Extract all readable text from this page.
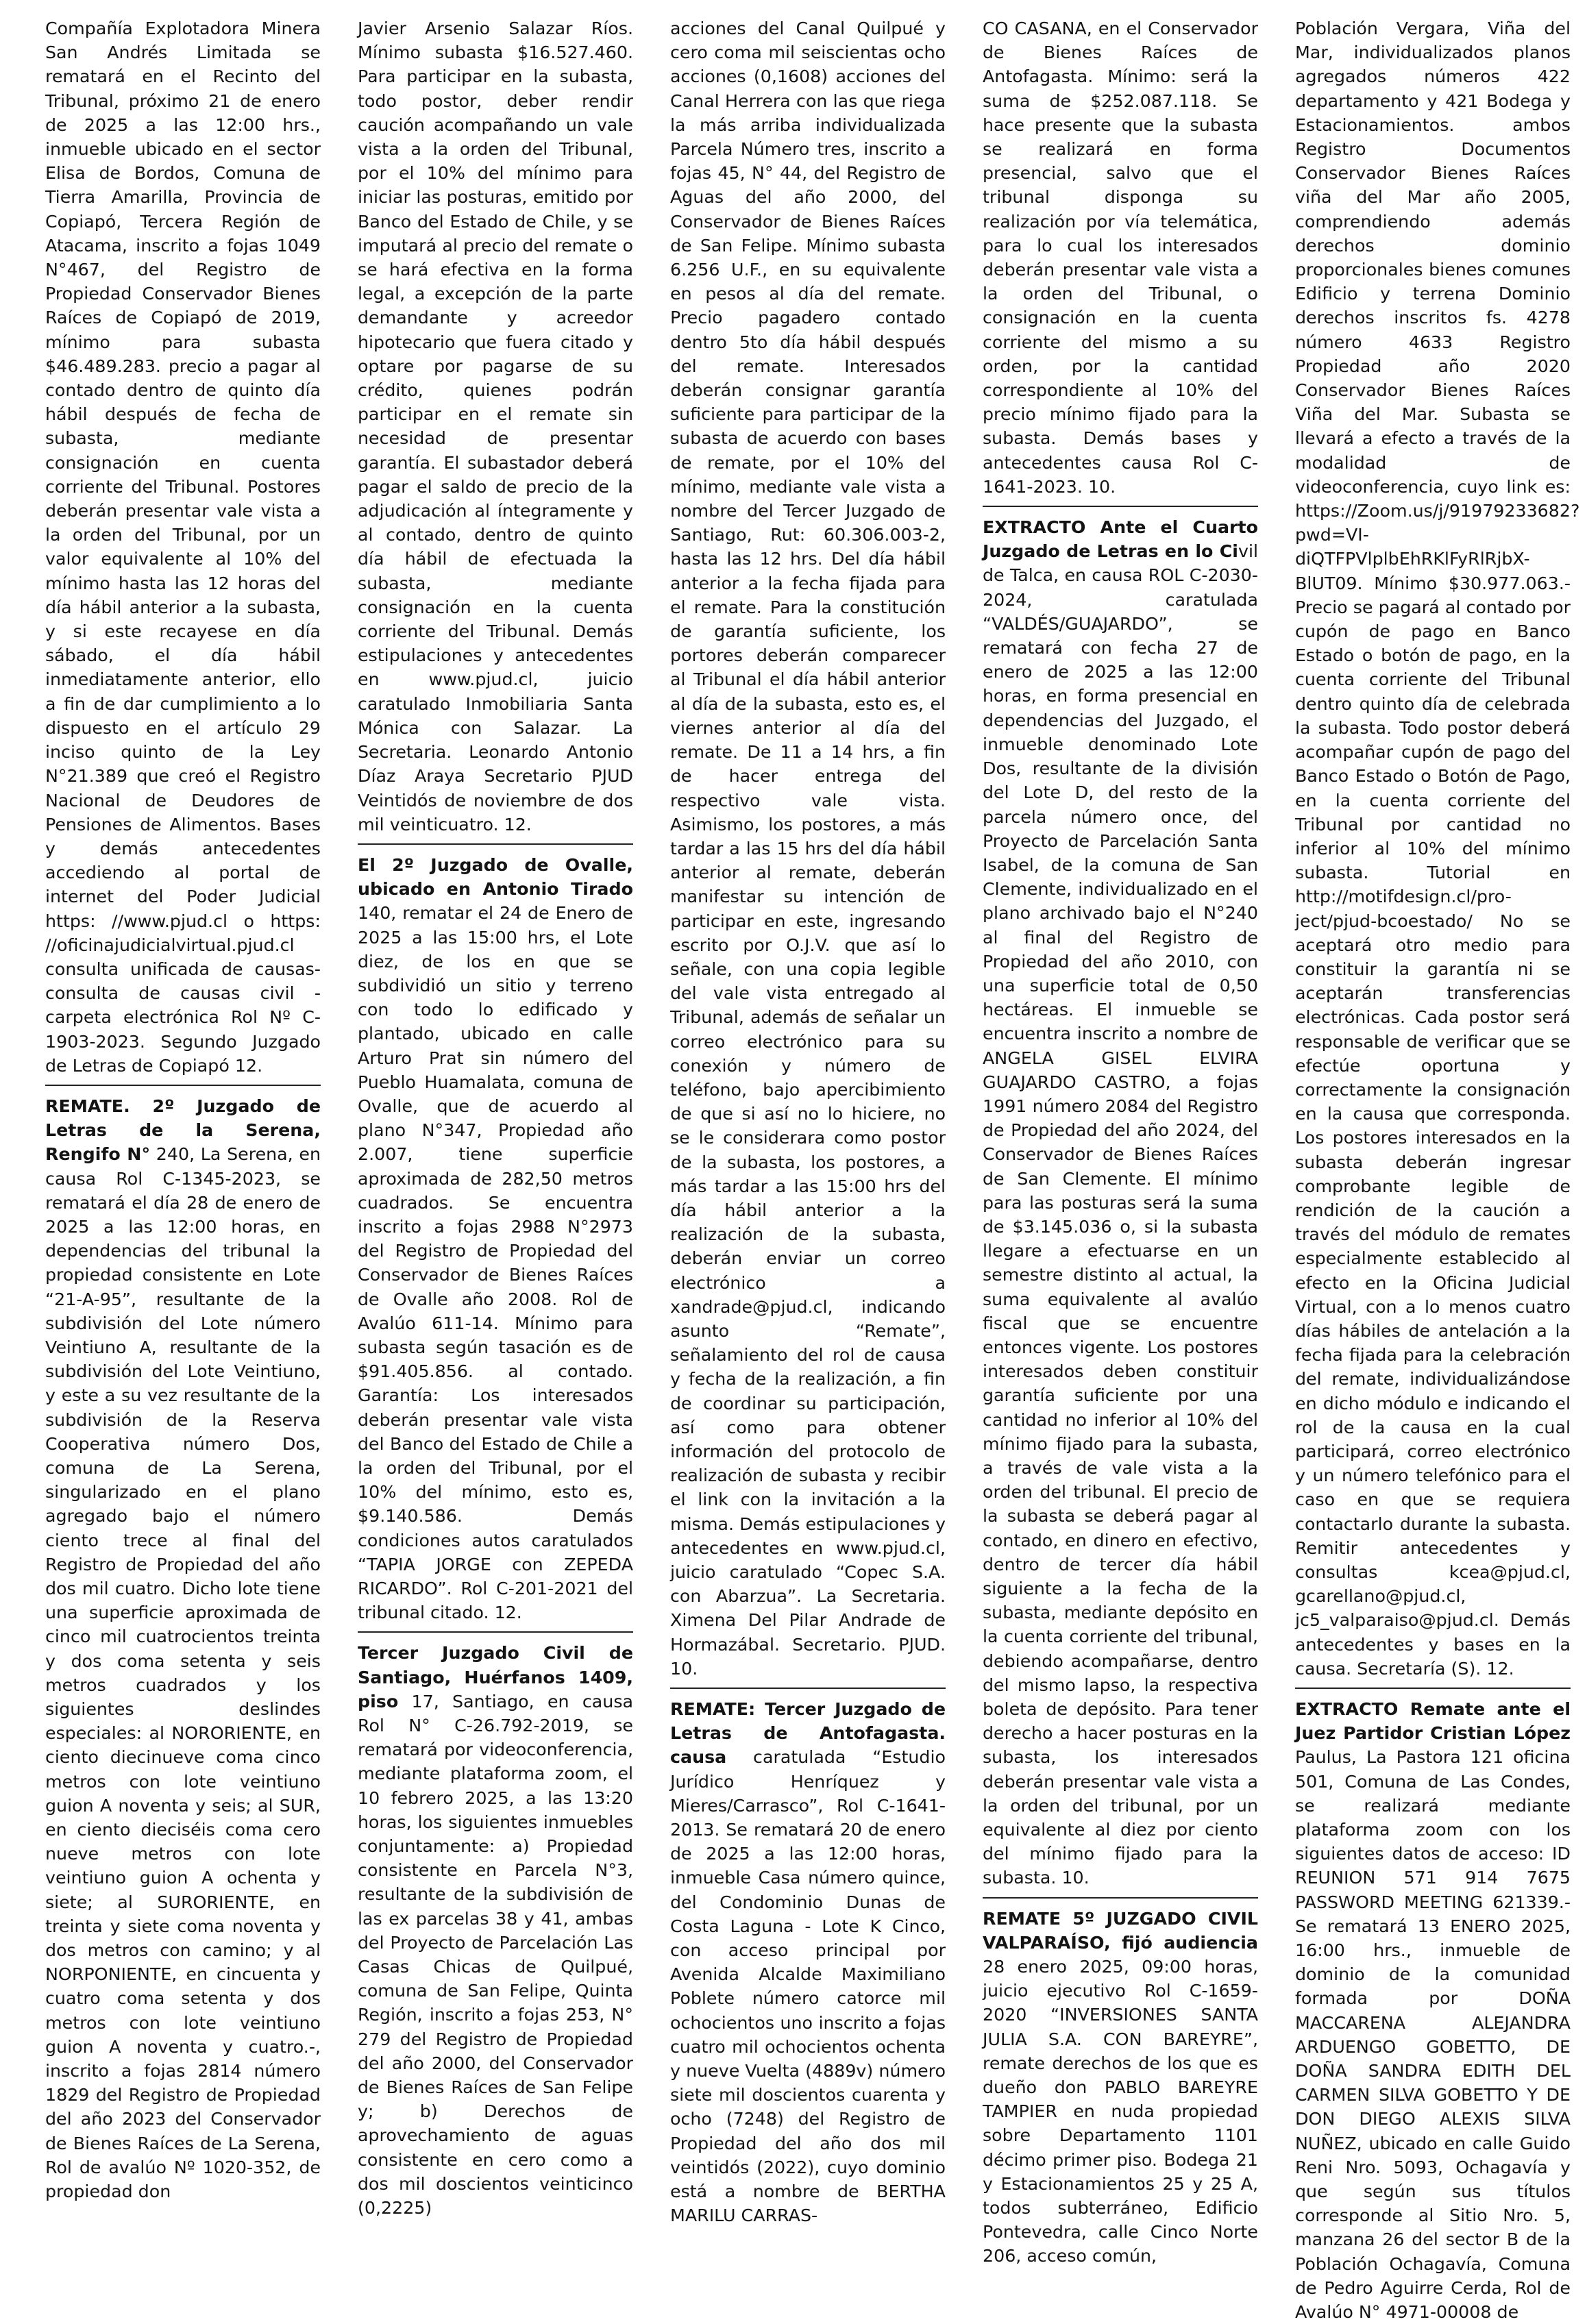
Compañía Explotadora Minera San Andrés Limitada se rematará en el Recinto del Tribunal, próximo 21 de enero de 2025 a las 12:00 hrs., inmueble ubicado en el sector Elisa de Bordos, Comuna de Tierra Amarilla, Provincia de Copiapó, Tercera Región de Atacama, inscrito a fojas 1049 N°467, del Registro de Propiedad Conservador Bienes Raíces de Copiapó de 2019, mínimo para subasta $46.489.283. precio a pagar al contado dentro de quinto día hábil después de fecha de subasta, mediante consignación en cuenta corriente del Tribunal. Postores deberán presentar vale vista a la orden del Tribunal, por un valor equivalente al 10% del mínimo hasta las 12 horas del día hábil anterior a la subasta, y si este recayese en día sábado, el día hábil inmediatamente anterior, ello a fin de dar cumplimiento a lo dispuesto en el artículo 29 inciso quinto de la Ley N°21.389 que creó el Registro Nacional de Deudores de Pensiones de Alimentos. Bases y demás antecedentes accediendo al portal de internet del Poder Judicial https: //www.pjud.cl o https: //oficinajudicialvirtual.pjud.cl consulta unificada de causas- consulta de causas civil - carpeta electrónica Rol Nº C-1903-2023. Segundo Juzgado de Letras de Copiapó 12.

REMATE. 2º Juzgado de Letras de la Serena, Rengifo N° 240, La Serena, en causa Rol C-1345-2023, se rematará el día 28 de enero de 2025 a las 12:00 horas, en dependencias del tribunal la propiedad consistente en Lote “21-A-95”, resultante de la subdivisión del Lote número Veintiuno A, resultante de la subdivisión del Lote Veintiuno, y este a su vez resultante de la subdivisión de la Reserva Cooperativa número Dos, comuna de La Serena, singularizado en el plano agregado bajo el número ciento trece al final del Registro de Propiedad del año dos mil cuatro. Dicho lote tiene una superficie aproximada de cinco mil cuatrocientos treinta y dos coma setenta y seis metros cuadrados y los siguientes deslindes especiales: al NORORIENTE, en ciento diecinueve coma cinco metros con lote veintiuno guion A noventa y seis; al SUR, en ciento dieciséis coma cero nueve metros con lote veintiuno guion A ochenta y siete; al SURORIENTE, en treinta y siete coma noventa y dos metros con camino; y al NORPONIENTE, en cincuenta y cuatro coma setenta y dos metros con lote veintiuno guion A noventa y cuatro.-, inscrito a fojas 2814 número 1829 del Registro de Propiedad del año 2023 del Conservador de Bienes Raíces de La Serena, Rol de avalúo Nº 1020-352, de propiedad don

Javier Arsenio Salazar Ríos. Mínimo subasta $16.527.460. Para participar en la subasta, todo postor, deber rendir caución acompañando un vale vista a la orden del Tribunal, por el 10% del mínimo para iniciar las posturas, emitido por Banco del Estado de Chile, y se imputará al precio del remate o se hará efectiva en la forma legal, a excepción de la parte demandante y acreedor hipotecario que fuera citado y optare por pagarse de su crédito, quienes podrán participar en el remate sin necesidad de presentar garantía. El subastador deberá pagar el saldo de precio de la adjudicación al íntegramente y al contado, dentro de quinto día hábil de efectuada la subasta, mediante consignación en la cuenta corriente del Tribunal. Demás estipulaciones y antecedentes en www.pjud.cl, juicio caratulado Inmobiliaria Santa Mónica con Salazar. La Secretaria. Leonardo Antonio Díaz Araya Secretario PJUD Veintidós de noviembre de dos mil veinticuatro. 12.

El 2º Juzgado de Ovalle, ubicado en Antonio Tirado 140, rematar el 24 de Enero de 2025 a las 15:00 hrs, el Lote diez, de los en que se subdividió un sitio y terreno con todo lo edificado y plantado, ubicado en calle Arturo Prat sin número del Pueblo Huamalata, comuna de Ovalle, que de acuerdo al plano N°347, Propiedad año 2.007, tiene superficie aproximada de 282,50 metros cuadrados. Se encuentra inscrito a fojas 2988 N°2973 del Registro de Propiedad del Conservador de Bienes Raíces de Ovalle año 2008. Rol de Avalúo 611-14. Mínimo para subasta según tasación es de $91.405.856. al contado. Garantía: Los interesados deberán presentar vale vista del Banco del Estado de Chile a la orden del Tribunal, por el 10% del mínimo, esto es, $9.140.586. Demás condiciones autos caratulados “TAPIA JORGE con ZEPEDA RICARDO”. Rol C-201-2021 del tribunal citado. 12.

Tercer Juzgado Civil de Santiago, Huérfanos 1409, piso 17, Santiago, en causa Rol N° C-26.792-2019, se rematará por videoconferencia, mediante plataforma zoom, el 10 febrero 2025, a las 13:20 horas, los siguientes inmuebles conjuntamente: a) Propiedad consistente en Parcela N°3, resultante de la subdivisión de las ex parcelas 38 y 41, ambas del Proyecto de Parcelación Las Casas Chicas de Quilpué, comuna de San Felipe, Quinta Región, inscrito a fojas 253, N° 279 del Registro de Propiedad del año 2000, del Conservador de Bienes Raíces de San Felipe y; b) Derechos de aprovechamiento de aguas consistente en cero como a dos mil doscientos veinticinco (0,2225)

acciones del Canal Quilpué y cero coma mil seiscientas ocho acciones (0,1608) acciones del Canal Herrera con las que riega la más arriba individualizada Parcela Número tres, inscrito a fojas 45, N° 44, del Registro de Aguas del año 2000, del Conservador de Bienes Raíces de San Felipe. Mínimo subasta 6.256 U.F., en su equivalente en pesos al día del remate. Precio pagadero contado dentro 5to día hábil después del remate. Interesados deberán consignar garantía suficiente para participar de la subasta de acuerdo con bases de remate, por el 10% del mínimo, mediante vale vista a nombre del Tercer Juzgado de Santiago, Rut: 60.306.003-2, hasta las 12 hrs. Del día hábil anterior a la fecha fijada para el remate. Para la constitución de garantía suficiente, los portores deberán comparecer al Tribunal el día hábil anterior al día de la subasta, esto es, el viernes anterior al día del remate. De 11 a 14 hrs, a fin de hacer entrega del respectivo vale vista. Asimismo, los postores, a más tardar a las 15 hrs del día hábil anterior al remate, deberán manifestar su intención de participar en este, ingresando escrito por O.J.V. que así lo señale, con una copia legible del vale vista entregado al Tribunal, además de señalar un correo electrónico para su conexión y número de teléfono, bajo apercibimiento de que si así no lo hiciere, no se le considerara como postor de la subasta, los postores, a más tardar a las 15:00 hrs del día hábil anterior a la realización de la subasta, deberán enviar un correo electrónico a xandrade@pjud.cl, indicando asunto “Remate”, señalamiento del rol de causa y fecha de la realización, a fin de coordinar su participación, así como para obtener información del protocolo de realización de subasta y recibir el link con la invitación a la misma. Demás estipulaciones y antecedentes en www.pjud.cl, juicio caratulado “Copec S.A. con Abarzua”. La Secretaria. Ximena Del Pilar Andrade de Hormazábal. Secretario. PJUD. 10.

REMATE: Tercer Juzgado de Letras de Antofagasta. causa caratulada “Estudio Jurídico Henríquez y Mieres/Carrasco”, Rol C-1641-2013. Se rematará 20 de enero de 2025 a las 12:00 horas, inmueble Casa número quince, del Condominio Dunas de Costa Laguna - Lote K Cinco, con acceso principal por Avenida Alcalde Maximiliano Poblete número catorce mil ochocientos uno inscrito a fojas cuatro mil ochocientos ochenta y nueve Vuelta (4889v) número siete mil doscientos cuarenta y ocho (7248) del Registro de Propiedad del año dos mil veintidós (2022), cuyo dominio está a nombre de BERTHA MARILU CARRAS-

CO CASANA, en el Conservador de Bienes Raíces de Antofagasta. Mínimo: será la suma de $252.087.118. Se hace presente que la subasta se realizará en forma presencial, salvo que el tribunal disponga su realización por vía telemática, para lo cual los interesados deberán presentar vale vista a la orden del Tribunal, o consignación en la cuenta corriente del mismo a su orden, por la cantidad correspondiente al 10% del precio mínimo fijado para la subasta. Demás bases y antecedentes causa Rol C-1641-2023. 10.

EXTRACTO Ante el Cuarto Juzgado de Letras en lo Civil de Talca, en causa ROL C-2030-2024, caratulada “VALDÉS/GUAJARDO”, se rematará con fecha 27 de enero de 2025 a las 12:00 horas, en forma presencial en dependencias del Juzgado, el inmueble denominado Lote Dos, resultante de la división del Lote D, del resto de la parcela número once, del Proyecto de Parcelación Santa Isabel, de la comuna de San Clemente, individualizado en el plano archivado bajo el N°240 al final del Registro de Propiedad del año 2010, con una superficie total de 0,50 hectáreas. El inmueble se encuentra inscrito a nombre de ANGELA GISEL ELVIRA GUAJARDO CASTRO, a fojas 1991 número 2084 del Registro de Propiedad del año 2024, del Conservador de Bienes Raíces de San Clemente. El mínimo para las posturas será la suma de $3.145.036 o, si la subasta llegare a efectuarse en un semestre distinto al actual, la suma equivalente al avalúo fiscal que se encuentre entonces vigente. Los postores interesados deben constituir garantía suficiente por una cantidad no inferior al 10% del mínimo fijado para la subasta, a través de vale vista a la orden del tribunal. El precio de la subasta se deberá pagar al contado, en dinero en efectivo, dentro de tercer día hábil siguiente a la fecha de la subasta, mediante depósito en la cuenta corriente del tribunal, debiendo acompañarse, dentro del mismo lapso, la respectiva boleta de depósito. Para tener derecho a hacer posturas en la subasta, los interesados deberán presentar vale vista a la orden del tribunal, por un equivalente al diez por ciento del mínimo fijado para la subasta. 10.

REMATE 5º JUZGADO CIVIL VALPARAÍSO, fijó audiencia 28 enero 2025, 09:00 horas, juicio ejecutivo Rol C-1659-2020 “INVERSIONES SANTA JULIA S.A. CON BAREYRE”, remate derechos de los que es dueño don PABLO BAREYRE TAMPIER en nuda propiedad sobre Departamento 1101 décimo primer piso. Bodega 21 y Estacionamientos 25 y 25 A, todos subterráneo, Edificio Pontevedra, calle Cinco Norte 206, acceso común,

Población Vergara, Viña del Mar, individualizados planos agregados números 422 departamento y 421 Bodega y Estacionamientos. ambos Registro Documentos Conservador Bienes Raíces viña del Mar año 2005, comprendiendo además derechos dominio proporcionales bienes comunes Edificio y terrena Dominio derechos inscritos fs. 4278 número 4633 Registro Propiedad año 2020 Conservador Bienes Raíces Viña del Mar. Subasta se llevará a efecto a través de la modalidad de videoconferencia, cuyo link es: https://Zoom.us/j/91979233682?pwd=VI-diQTFPVlplbEhRKlFyRlRjbX-BlUT09. Mínimo $30.977.063.- Precio se pagará al contado por cupón de pago en Banco Estado o botón de pago, en la cuenta corriente del Tribunal dentro quinto día de celebrada la subasta. Todo postor deberá acompañar cupón de pago del Banco Estado o Botón de Pago, en la cuenta corriente del Tribunal por cantidad no inferior al 10% del mínimo subasta. Tutorial en http://motifdesign.cl/pro-ject/pjud-bcoestado/ No se aceptará otro medio para constituir la garantía ni se aceptarán transferencias electrónicas. Cada postor será responsable de verificar que se efectúe oportuna y correctamente la consignación en la causa que corresponda. Los postores interesados en la subasta deberán ingresar comprobante legible de rendición de la caución a través del módulo de remates especialmente establecido al efecto en la Oficina Judicial Virtual, con a lo menos cuatro días hábiles de antelación a la fecha fijada para la celebración del remate, individualizándose en dicho módulo e indicando el rol de la causa en la cual participará, correo electrónico y un número telefónico para el caso en que se requiera contactarlo durante la subasta. Remitir antecedentes y consultas kcea@pjud.cl, gcarellano@pjud.cl, jc5_valparaiso@pjud.cl. Demás antecedentes y bases en la causa. Secretaría (S). 12.

EXTRACTO Remate ante el Juez Partidor Cristian López Paulus, La Pastora 121 oficina 501, Comuna de Las Condes, se realizará mediante plataforma zoom con los siguientes datos de acceso: ID REUNION 571 914 7675 PASSWORD MEETING 621339.- Se rematará 13 ENERO 2025, 16:00 hrs., inmueble de dominio de la comunidad formada por DOÑA MACCARENA ALEJANDRA ARDUENGO GOBETTO, DE DOÑA SANDRA EDITH DEL CARMEN SILVA GOBETTO Y DE DON DIEGO ALEXIS SILVA NUÑEZ, ubicado en calle Guido Reni Nro. 5093, Ochagavía y que según sus títulos corresponde al Sitio Nro. 5, manzana 26 del sector B de la Población Ochagavía, Comuna de Pedro Aguirre Cerda, Rol de Avalúo N° 4971-00008 de
